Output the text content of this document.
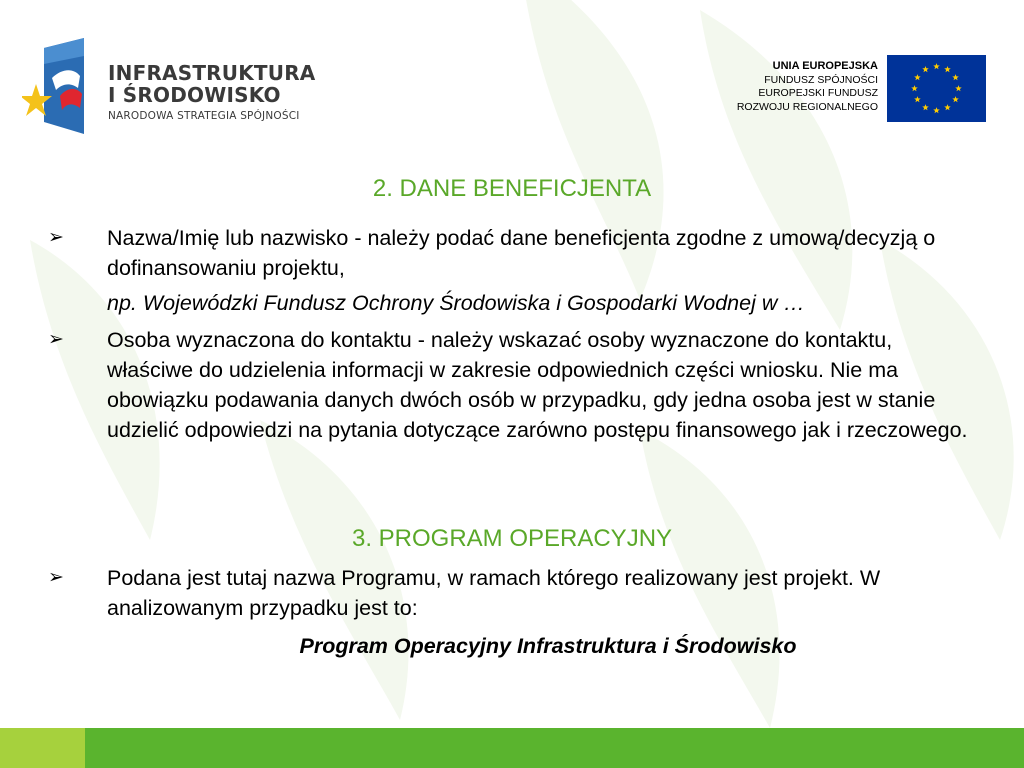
INFRASTRUKTURA
I ŚRODOWISKO
NARODOWA STRATEGIA SPÓJNOŚCI
UNIA EUROPEJSKA
FUNDUSZ SPÓJNOŚCI
EUROPEJSKI FUNDUSZ
ROZWOJU REGIONALNEGO
2. DANE BENEFICJENTA
➢	Nazwa/Imię lub nazwisko - należy podać dane beneficjenta zgodne z umową/decyzją o dofinansowaniu projektu,
np. Wojewódzki Fundusz Ochrony Środowiska i Gospodarki Wodnej w …
➢	Osoba wyznaczona do kontaktu - należy wskazać osoby wyznaczone do kontaktu, właściwe do udzielenia informacji w zakresie odpowiednich części wniosku. Nie ma obowiązku podawania danych dwóch osób w przypadku, gdy jedna osoba jest w stanie udzielić odpowiedzi na pytania dotyczące zarówno postępu finansowego jak i rzeczowego.
3. PROGRAM OPERACYJNY
➢	Podana jest tutaj nazwa Programu, w ramach którego realizowany jest projekt. W analizowanym przypadku jest to:
Program Operacyjny Infrastruktura i Środowisko
